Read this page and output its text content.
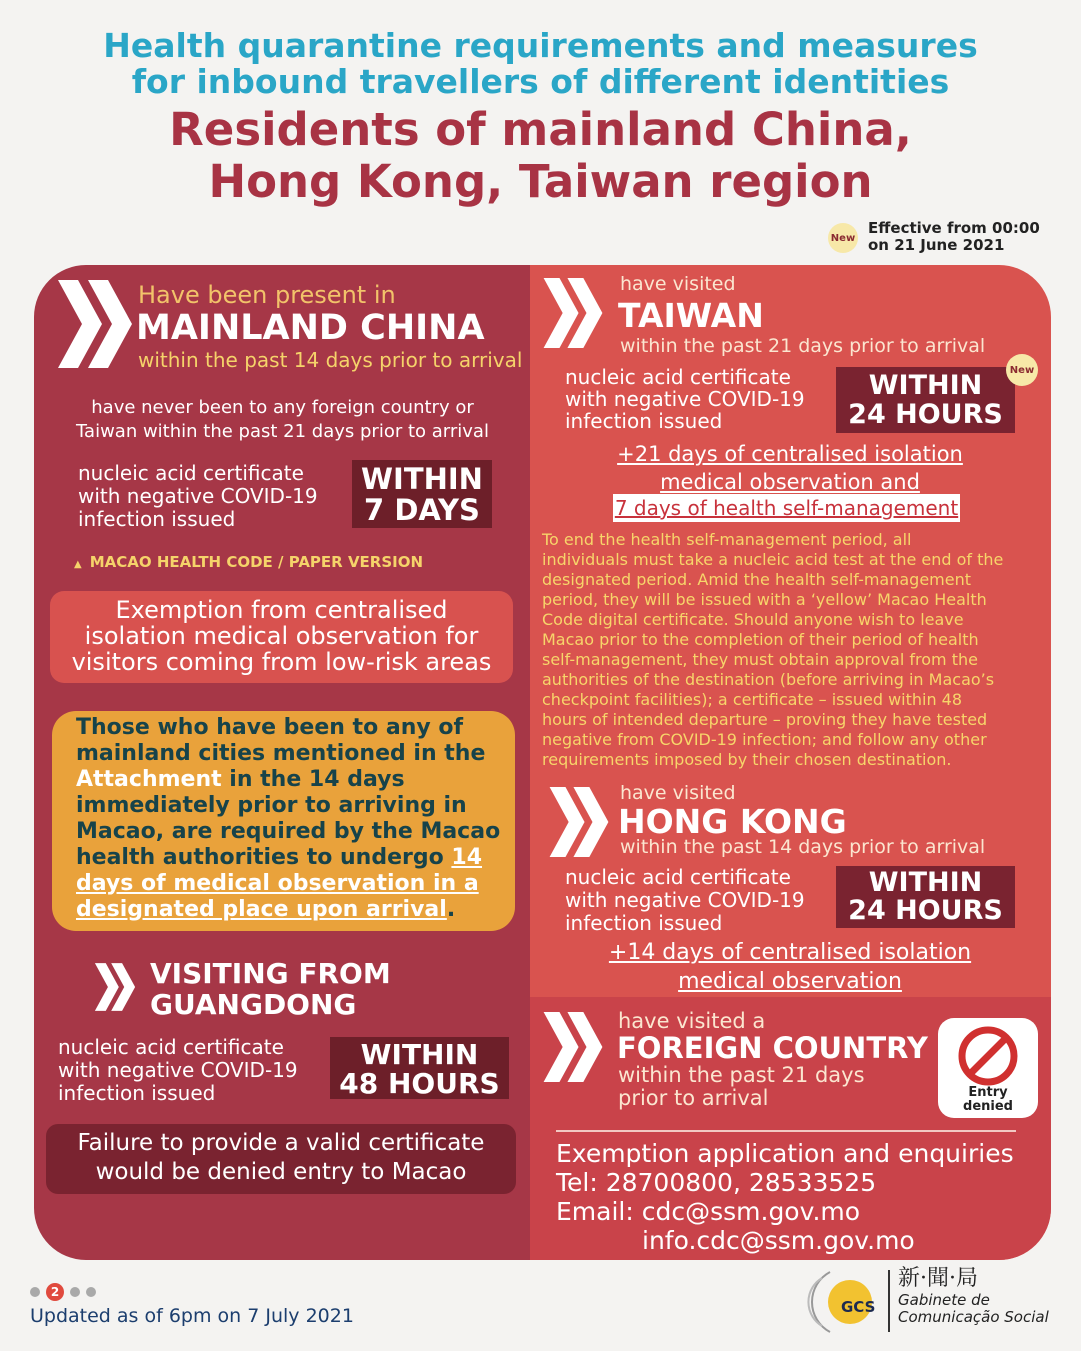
Health quarantine requirements and measures
for inbound travellers of different identities
Residents of mainland China,
Hong Kong, Taiwan region
New
Effective from 00:00
on 21 June 2021
Have been present in
MAINLAND CHINA
within the past 14 days prior to arrival
have never been to any foreign country or
Taiwan within the past 21 days prior to arrival
nucleic acid certificate
with negative COVID-19
infection issued
WITHIN
7 DAYS
▲ MACAO HEALTH CODE / PAPER VERSION
Exemption from centralised
isolation medical observation for
visitors coming from low-risk areas
Those who have been to any of
mainland cities mentioned in the
Attachment in the 14 days
immediately prior to arriving in
Macao, are required by the Macao
health authorities to undergo 14
days of medical observation in a
designated place upon arrival.
VISITING FROM
GUANGDONG
nucleic acid certificate
with negative COVID-19
infection issued
WITHIN
48 HOURS
Failure to provide a valid certificate
would be denied entry to Macao
have visited
TAIWAN
within the past 21 days prior to arrival
nucleic acid certificate
with negative COVID-19
infection issued
WITHIN
24 HOURS
New
+21 days of centralised isolation
medical observation and
7 days of health self-management
To end the health self-management period, all
individuals must take a nucleic acid test at the end of the
designated period. Amid the health self-management
period, they will be issued with a ‘yellow’ Macao Health
Code digital certificate. Should anyone wish to leave
Macao prior to the completion of their period of health
self-management, they must obtain approval from the
authorities of the destination (before arriving in Macao’s
checkpoint facilities); a certificate – issued within 48
hours of intended departure – proving they have tested
negative from COVID-19 infection; and follow any other
requirements imposed by their chosen destination.
have visited
HONG KONG
within the past 14 days prior to arrival
nucleic acid certificate
with negative COVID-19
infection issued
WITHIN
24 HOURS
+14 days of centralised isolation
medical observation
have visited a
FOREIGN COUNTRY
within the past 21 days
prior to arrival	Entry
denied
Exemption application and enquiries
Tel: 28700800, 28533525
Email: cdc@ssm.gov.mo
info.cdc@ssm.gov.mo
2
Updated as of 6pm on 7 July 2021	GCS
新·聞·局
Gabinete de
Comunicação Social
